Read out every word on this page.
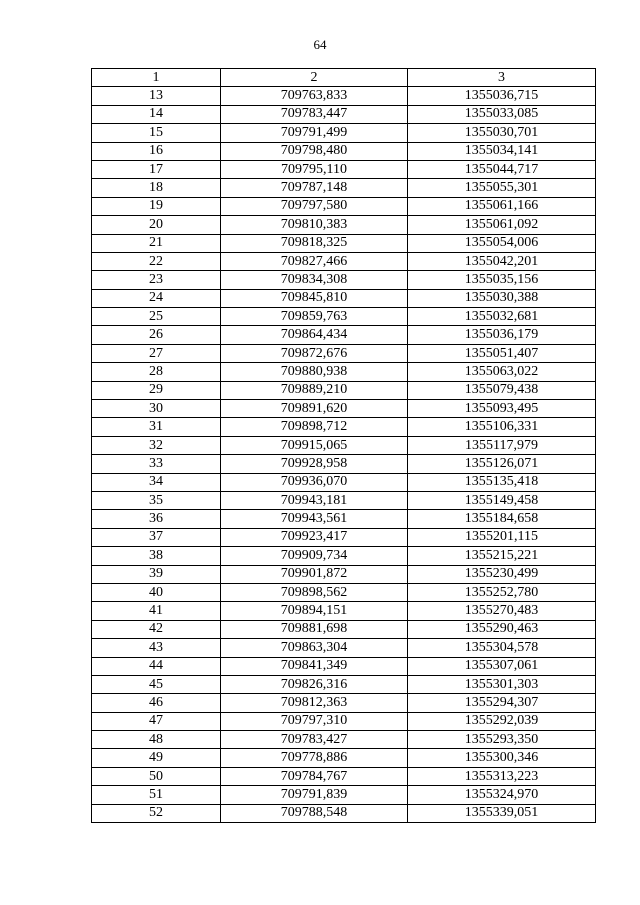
64
1	2	3
13	709763,833	1355036,715
14	709783,447	1355033,085
15	709791,499	1355030,701
16	709798,480	1355034,141
17	709795,110	1355044,717
18	709787,148	1355055,301
19	709797,580	1355061,166
20	709810,383	1355061,092
21	709818,325	1355054,006
22	709827,466	1355042,201
23	709834,308	1355035,156
24	709845,810	1355030,388
25	709859,763	1355032,681
26	709864,434	1355036,179
27	709872,676	1355051,407
28	709880,938	1355063,022
29	709889,210	1355079,438
30	709891,620	1355093,495
31	709898,712	1355106,331
32	709915,065	1355117,979
33	709928,958	1355126,071
34	709936,070	1355135,418
35	709943,181	1355149,458
36	709943,561	1355184,658
37	709923,417	1355201,115
38	709909,734	1355215,221
39	709901,872	1355230,499
40	709898,562	1355252,780
41	709894,151	1355270,483
42	709881,698	1355290,463
43	709863,304	1355304,578
44	709841,349	1355307,061
45	709826,316	1355301,303
46	709812,363	1355294,307
47	709797,310	1355292,039
48	709783,427	1355293,350
49	709778,886	1355300,346
50	709784,767	1355313,223
51	709791,839	1355324,970
52	709788,548	1355339,051
